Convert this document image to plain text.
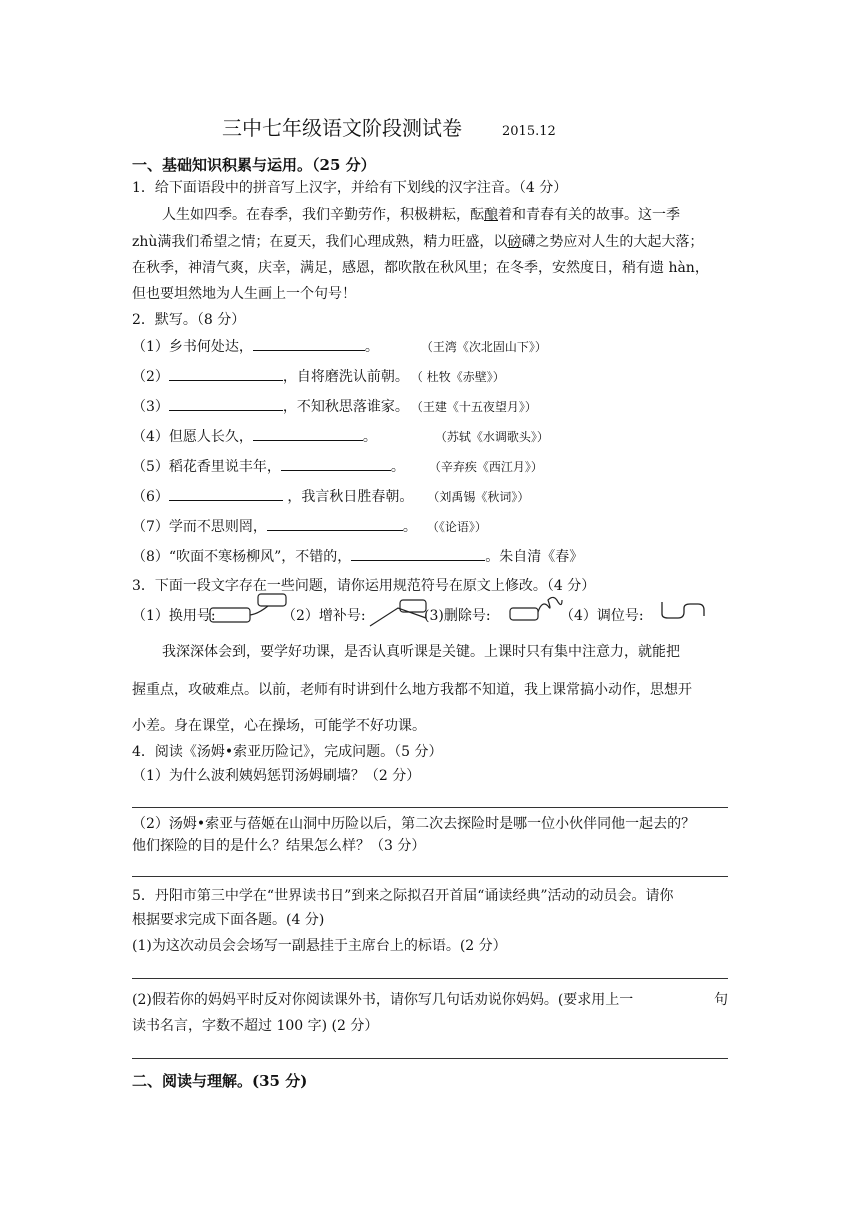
三中七年级语文阶段测试卷	2015.12
一、基础知识积累与运用。（25 分）
1．给下面语段中的拼音写上汉字，并给有下划线的汉字注音。（4 分）
人生如四季。在春季，我们辛勤劳作，积极耕耘，酝酿着和青春有关的故事。这一季
zhù满我们希望之情；在夏天，我们心理成熟，精力旺盛，以磅礴之势应对人生的大起大落；
在秋季，神清气爽，庆幸，满足，感恩，都吹散在秋风里；在冬季，安然度日，稍有遗 hàn，
但也要坦然地为人生画上一个句号！
2．默写。（8 分）
（1）乡书何处达，	。	（王湾《次北固山下》）
（2）	，自将磨洗认前朝。 （ 杜牧《赤壁》）
（3）	，不知秋思落谁家。 （王建《十五夜望月》）
（4）但愿人长久，	。	（苏轼《水调歌头》）
（5）稻花香里说丰年，	。	（辛弃疾《西江月》）
（6）	，我言秋日胜春朝。 （刘禹锡《秋词》）
（7）学而不思则罔，	。 （《论语》）
（8）“吹面不寒杨柳风”，不错的，	。朱自清《春》
3．下面一段文字存在一些问题，请你运用规范符号在原文上修改。（4 分）
（1）换用号:	（2）增补号:	(3)删除号:	（4）调位号:
我深深体会到，要学好功课，是否认真听课是关键。上课时只有集中注意力，就能把
握重点，攻破难点。以前，老师有时讲到什么地方我都不知道，我上课常搞小动作，思想开
小差。身在课堂，心在操场，可能学不好功课。
4．阅读《汤姆•索亚历险记》，完成问题。（5 分）
（1）为什么波利姨妈惩罚汤姆刷墙？（2 分）
（2）汤姆•索亚与蓓姬在山洞中历险以后，第二次去探险时是哪一位小伙伴同他一起去的？
他们探险的目的是什么？结果怎么样？（3 分）
5．丹阳市第三中学在“世界读书日”到来之际拟召开首届“诵读经典”活动的动员会。请你
根据要求完成下面各题。(4 分)
(1)为这次动员会会场写一副悬挂于主席台上的标语。(2 分）
(2)假若你的妈妈平时反对你阅读课外书，请你写几句话劝说你妈妈。(要求用上一	句
读书名言，字数不超过 100 字) (2 分）
二、阅读与理解。(35 分)
